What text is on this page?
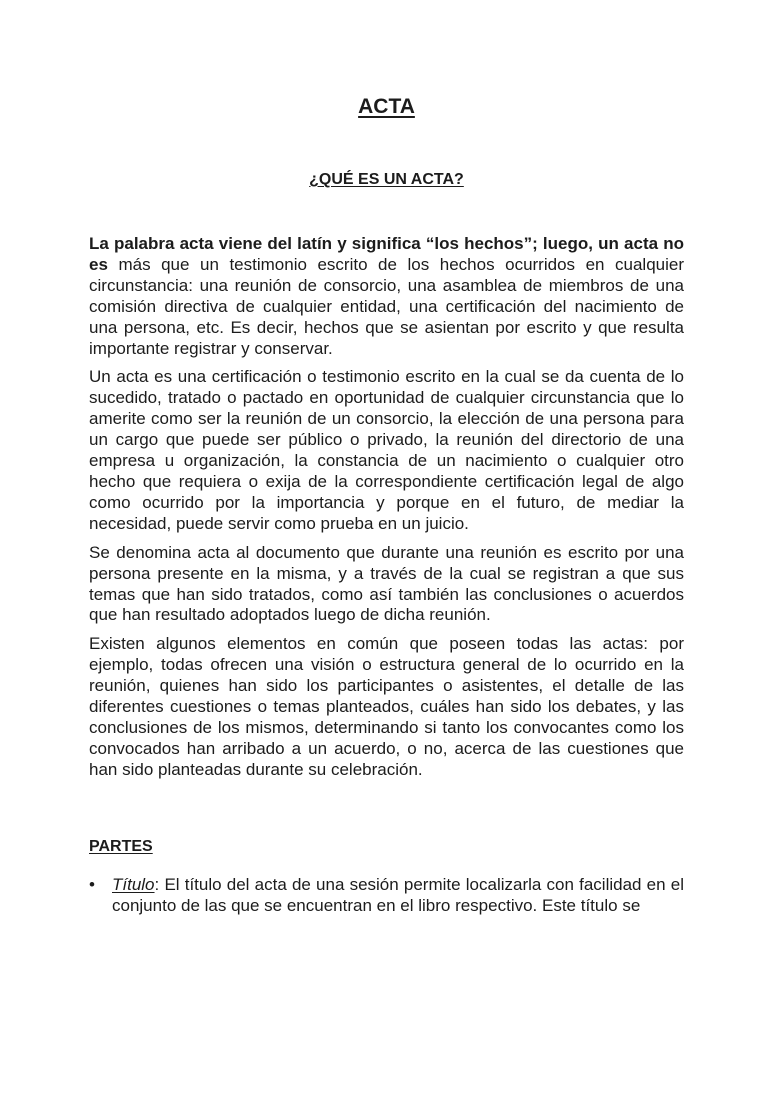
ACTA
¿QUÉ ES UN ACTA?

La palabra acta viene del latín y significa “los hechos”; luego, un acta no es más que un testimonio escrito de los hechos ocurridos en cualquier circunstancia: una reunión de consorcio, una asamblea de miembros de una comisión directiva de cualquier entidad, una certificación del nacimiento de una persona, etc. Es decir, hechos que se asientan por escrito y que resulta importante registrar y conservar.

Un acta es una certificación o testimonio escrito en la cual se da cuenta de lo sucedido, tratado o pactado en oportunidad de cualquier circunstancia que lo amerite como ser la reunión de un consorcio, la elección de una persona para un cargo que puede ser público o privado, la reunión del directorio de una empresa u organización, la constancia de un nacimiento o cualquier otro hecho que requiera o exija de la correspondiente certificación legal de algo como ocurrido por la importancia y porque en el futuro, de mediar la necesidad, puede servir como prueba en un juicio.

Se denomina acta al documento que durante una reunión es escrito por una persona presente en la misma, y a través de la cual se registran a que sus temas que han sido tratados, como así también las conclusiones o acuerdos que han resultado adoptados luego de dicha reunión.

Existen algunos elementos en común que poseen todas las actas: por ejemplo, todas ofrecen una visión o estructura general de lo ocurrido en la reunión, quienes han sido los participantes o asistentes, el detalle de las diferentes cuestiones o temas planteados, cuáles han sido los debates, y las conclusiones de los mismos, determinando si tanto los convocantes como los convocados han arribado a un acuerdo, o no, acerca de las cuestiones que han sido planteadas durante su celebración.

PARTES
• Título: El título del acta de una sesión permite localizarla con facilidad en el conjunto de las que se encuentran en el libro respectivo. Este título se
